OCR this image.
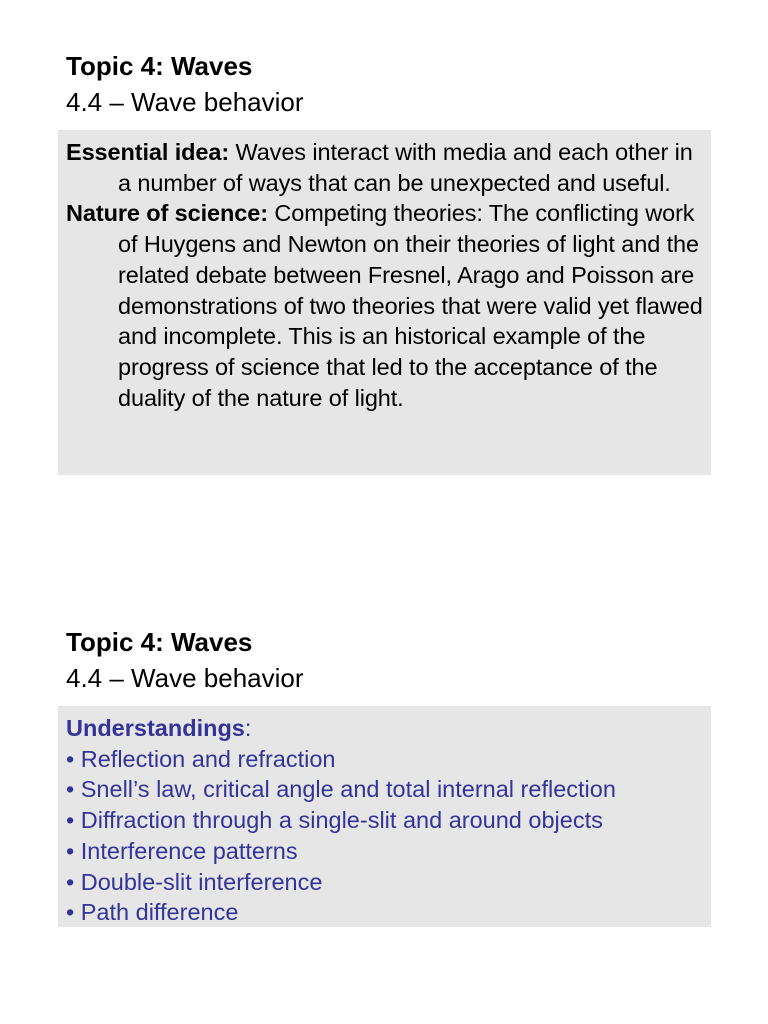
Topic 4: Waves
4.4 – Wave behavior

Essential idea: Waves interact with media and each other in a number of ways that can be unexpected and useful.

Nature of science: Competing theories: The conflicting work of Huygens and Newton on their theories of light and the related debate between Fresnel, Arago and Poisson are demonstrations of two theories that were valid yet flawed and incomplete. This is an historical example of the progress of science that led to the acceptance of the duality of the nature of light.

Topic 4: Waves
4.4 – Wave behavior

Understandings:

• Reflection and refraction
• Snell’s law, critical angle and total internal reflection
• Diffraction through a single-slit and around objects
• Interference patterns
• Double-slit interference
• Path difference
